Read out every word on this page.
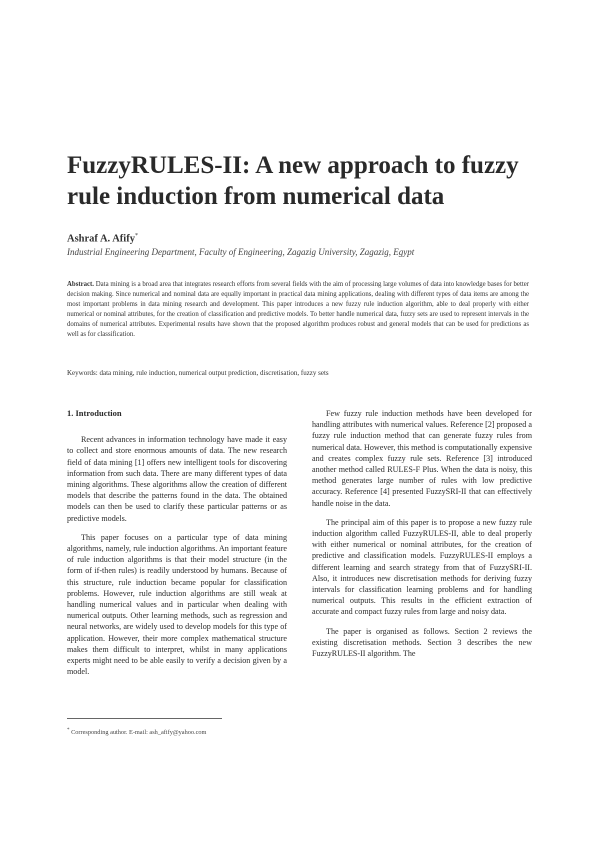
FuzzyRULES-II: A new approach to fuzzy rule induction from numerical data
Ashraf A. Afify*
Industrial Engineering Department, Faculty of Engineering, Zagazig University, Zagazig, Egypt
Abstract. Data mining is a broad area that integrates research efforts from several fields with the aim of processing large volumes of data into knowledge bases for better decision making. Since numerical and nominal data are equally important in practical data mining applications, dealing with different types of data items are among the most important problems in data mining research and development. This paper introduces a new fuzzy rule induction algorithm, able to deal properly with either numerical or nominal attributes, for the creation of classification and predictive models. To better handle numerical data, fuzzy sets are used to represent intervals in the domains of numerical attributes. Experimental results have shown that the proposed algorithm produces robust and general models that can be used for predictions as well as for classification.
Keywords: data mining, rule induction, numerical output prediction, discretisation, fuzzy sets
1. Introduction

Recent advances in information technology have made it easy to collect and store enormous amounts of data. The new research field of data mining [1] offers new intelligent tools for discovering information from such data. There are many different types of data mining algorithms. These algorithms allow the creation of different models that describe the patterns found in the data. The obtained models can then be used to clarify these particular patterns or as predictive models.

This paper focuses on a particular type of data mining algorithms, namely, rule induction algorithms. An important feature of rule induction algorithms is that their model structure (in the form of if-then rules) is readily understood by humans. Because of this structure, rule induction became popular for classification problems. However, rule induction algorithms are still weak at handling numerical values and in particular when dealing with numerical outputs. Other learning methods, such as regression and neural networks, are widely used to develop models for this type of application. However, their more complex mathematical structure makes them difficult to interpret, whilst in many applications experts might need to be able easily to verify a decision given by a model.

Few fuzzy rule induction methods have been developed for handling attributes with numerical values. Reference [2] proposed a fuzzy rule induction method that can generate fuzzy rules from numerical data. However, this method is computationally expensive and creates complex fuzzy rule sets. Reference [3] introduced another method called RULES-F Plus. When the data is noisy, this method generates large number of rules with low predictive accuracy. Reference [4] presented FuzzySRI-II that can effectively handle noise in the data.

The principal aim of this paper is to propose a new fuzzy rule induction algorithm called FuzzyRULES-II, able to deal properly with either numerical or nominal attributes, for the creation of predictive and classification models. FuzzyRULES-II employs a different learning and search strategy from that of FuzzySRI-II. Also, it introduces new discretisation methods for deriving fuzzy intervals for classification learning problems and for handling numerical outputs. This results in the efficient extraction of accurate and compact fuzzy rules from large and noisy data.

The paper is organised as follows. Section 2 reviews the existing discretisation methods. Section 3 describes the new FuzzyRULES-II algorithm. The

* Corresponding author. E-mail: ash_afify@yahoo.com
